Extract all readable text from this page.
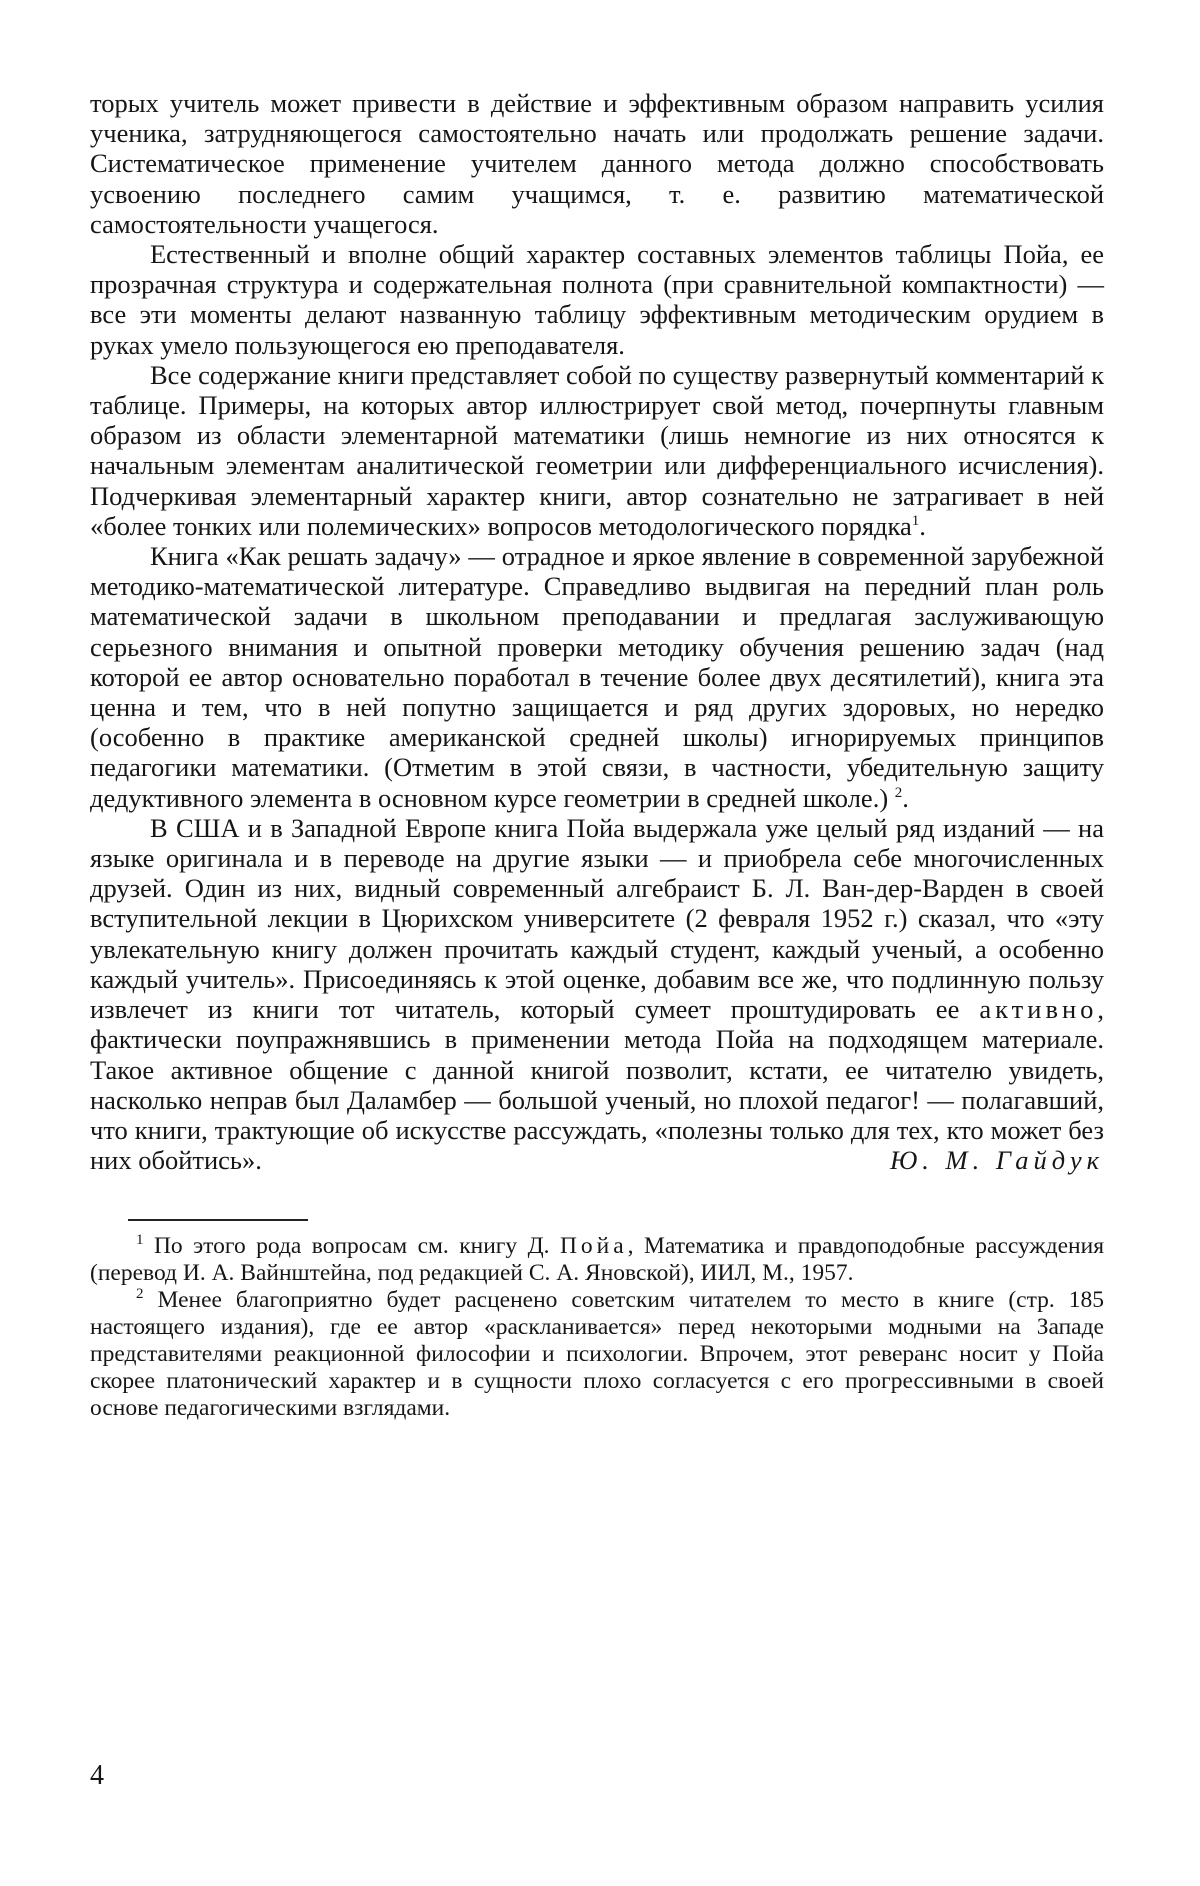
торых учитель может привести в действие и эффективным образом направить усилия ученика, затрудняющегося самостоятельно начать или продолжать решение задачи. Систематическое применение учителем данного метода должно способствовать усвоению последнего самим учащимся, т. е. развитию математической самостоятельности учащегося.

Естественный и вполне общий характер составных элементов таблицы Пойа, ее прозрачная структура и содержательная полнота (при сравнительной компактности) — все эти моменты делают названную таблицу эффективным методическим орудием в руках умело пользующегося ею преподавателя.

Все содержание книги представляет собой по существу развернутый комментарий к таблице. Примеры, на которых автор иллюстрирует свой метод, почерпнуты главным образом из области элементарной математики (лишь немногие из них относятся к начальным элементам аналитической геометрии или дифференциального исчисления). Подчеркивая элементарный характер книги, автор сознательно не затрагивает в ней «более тонких или полемических» вопросов методологического порядка$^1$.

Книга «Как решать задачу» — отрадное и яркое явление в современной зарубежной методико-математической литературе. Справедливо выдвигая на передний план роль математической задачи в школьном преподавании и предлагая заслуживающую серьезного внимания и опытной проверки методику обучения решению задач (над которой ее автор основательно поработал в течение более двух десятилетий), книга эта ценна и тем, что в ней попутно защищается и ряд других здоровых, но нередко (особенно в практике американской средней школы) игнорируемых принципов педагогики математики. (Отметим в этой связи, в частности, убедительную защиту дедуктивного элемента в основном курсе геометрии в средней школе.) $^2$.

В США и в Западной Европе книга Пойа выдержала уже целый ряд изданий — на языке оригинала и в переводе на другие языки — и приобрела себе многочисленных друзей. Один из них, видный современный алгебраист Б. Л. Ван-дер-Варден в своей вступительной лекции в Цюрихском университете (2 февраля 1952 г.) сказал, что «эту увлекательную книгу должен прочитать каждый студент, каждый ученый, а особенно каждый учитель». Присоединяясь к этой оценке, добавим все же, что подлинную пользу извлечет из книги тот читатель, который сумеет проштудировать ее активно, фактически поупражнявшись в применении метода Пойа на подходящем материале. Такое активное общение с данной книгой позволит, кстати, ее читателю увидеть, насколько неправ был Даламбер — большой ученый, но плохой педагог! — полагавший, что книги, трактующие об искусстве рассуждать, «полезны только для тех, кто может без них обойтись».	Ю. М. Гайдук

$^1$ По этого рода вопросам см. книгу Д. Пойа, Математика и правдоподобные рассуждения (перевод И. А. Вайнштейна, под редакцией С. А. Яновской), ИИЛ, М., 1957.

$^2$ Менее благоприятно будет расценено советским читателем то место в книге (стр. 185 настоящего издания), где ее автор «раскланивается» перед некоторыми модными на Западе представителями реакционной философии и психологии. Впрочем, этот реверанс носит у Пойа скорее платонический характер и в сущности плохо согласуется с его прогрессивными в своей основе педагогическими взглядами.

4
